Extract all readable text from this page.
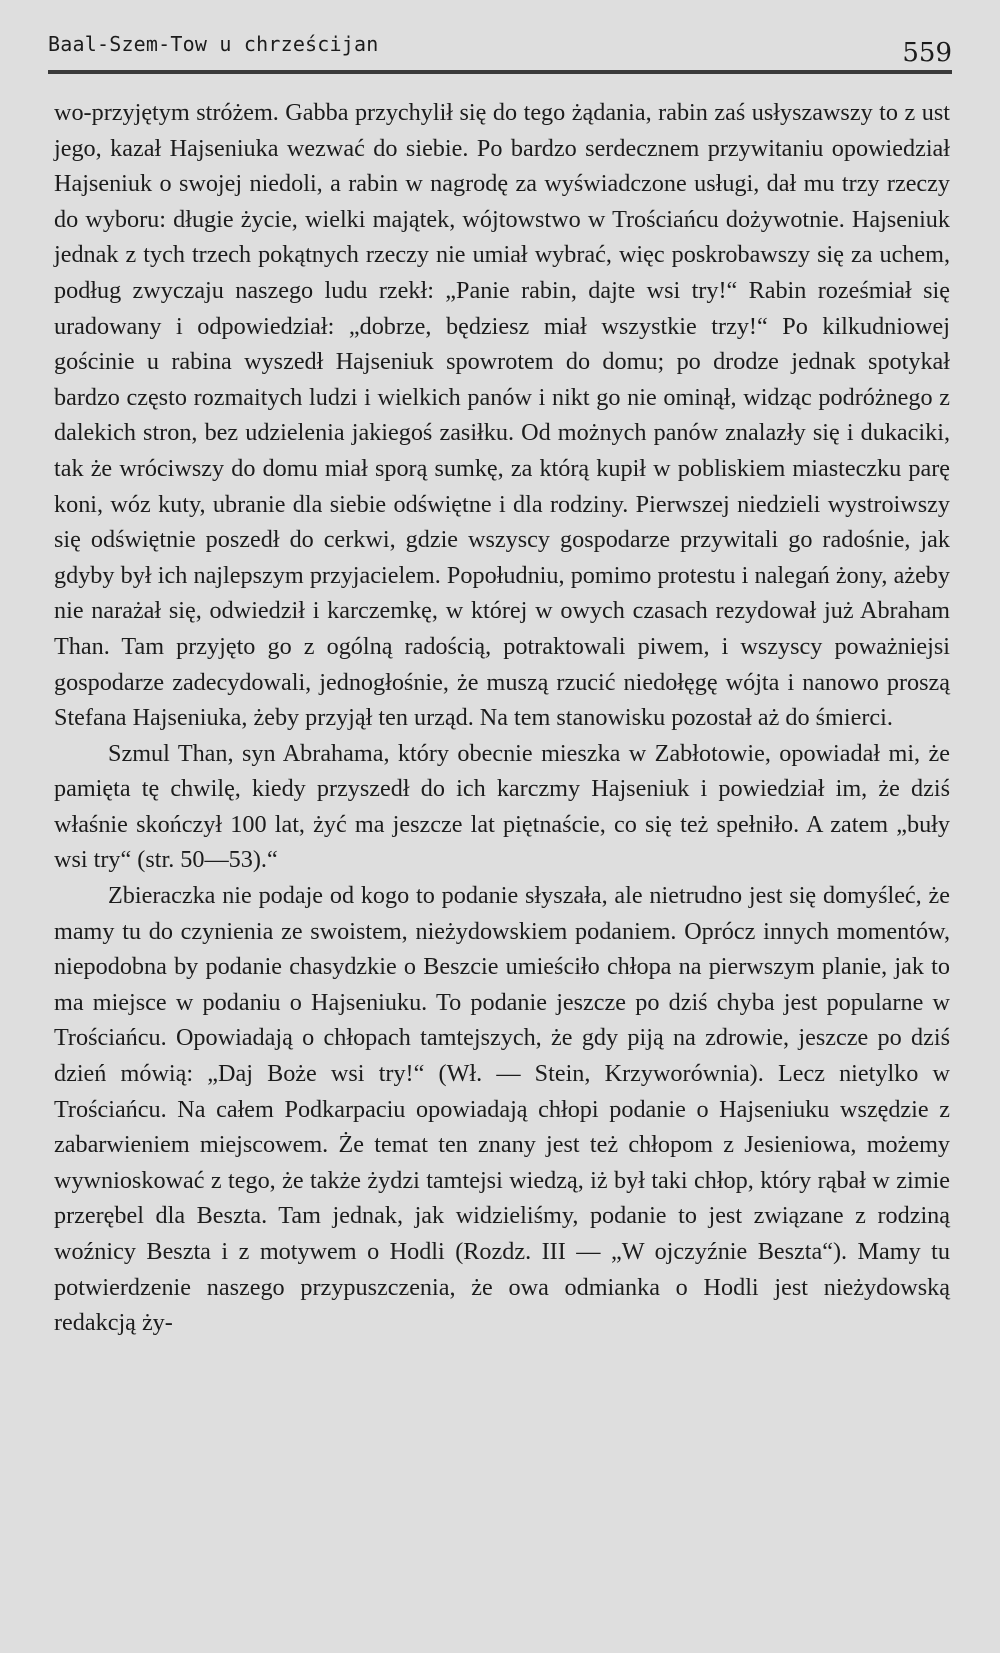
Baal-Szem-Tow u chrześcijan	559

wo-przyjętym stróżem. Gabba przychylił się do tego żądania, rabin zaś usłyszawszy to z ust jego, kazał Hajseniuka wezwać do siebie. Po bardzo serdecznem przywitaniu opowiedział Hajseniuk o swojej niedoli, a rabin w nagrodę za wyświadczone usługi, dał mu trzy rzeczy do wyboru: długie życie, wielki majątek, wójtowstwo w Trościańcu dożywotnie. Hajseniuk jednak z tych trzech pokątnych rzeczy nie umiał wybrać, więc poskrobawszy się za uchem, podług zwyczaju naszego ludu rzekł: „Panie rabin, dajte wsi try!“ Rabin roześmiał się uradowany i odpowiedział: „dobrze, będziesz miał wszystkie trzy!“ Po kilkudniowej gościnie u rabina wyszedł Hajseniuk spowrotem do domu; po drodze jednak spotykał bardzo często rozmaitych ludzi i wielkich panów i nikt go nie ominął, widząc podróżnego z dalekich stron, bez udzielenia jakiegoś zasiłku. Od możnych panów znalazły się i dukaciki, tak że wróciwszy do domu miał sporą sumkę, za którą kupił w pobliskiem miasteczku parę koni, wóz kuty, ubranie dla siebie odświętne i dla rodziny. Pierwszej niedzieli wystroiwszy się odświętnie poszedł do cerkwi, gdzie wszyscy gospodarze przywitali go radośnie, jak gdyby był ich najlepszym przyjacielem. Popołudniu, pomimo protestu i nalegań żony, ażeby nie narażał się, odwiedził i karczemkę, w której w owych czasach rezydował już Abraham Than. Tam przyjęto go z ogólną radością, potraktowali piwem, i wszyscy poważniejsi gospodarze zadecydowali, jednogłośnie, że muszą rzucić niedołęgę wójta i nanowo proszą Stefana Hajseniuka, żeby przyjął ten urząd. Na tem stanowisku pozostał aż do śmierci.

Szmul Than, syn Abrahama, który obecnie mieszka w Zabłotowie, opowiadał mi, że pamięta tę chwilę, kiedy przyszedł do ich karczmy Hajseniuk i powiedział im, że dziś właśnie skończył 100 lat, żyć ma jeszcze lat piętnaście, co się też spełniło. A zatem „buły wsi try“ (str. 50—53).“

Zbieraczka nie podaje od kogo to podanie słyszała, ale nietrudno jest się domyśleć, że mamy tu do czynienia ze swoistem, nieżydowskiem podaniem. Oprócz innych momentów, niepodobna by podanie chasydzkie o Beszcie umieściło chłopa na pierwszym planie, jak to ma miejsce w podaniu o Hajseniuku. To podanie jeszcze po dziś chyba jest popularne w Trościańcu. Opowiadają o chłopach tamtejszych, że gdy piją na zdrowie, jeszcze po dziś dzień mówią: „Daj Boże wsi try!“ (Wł. — Stein, Krzyworównia). Lecz nietylko w Trościańcu. Na całem Podkarpaciu opowiadają chłopi podanie o Hajseniuku wszędzie z zabarwieniem miejscowem. Że temat ten znany jest też chłopom z Jesieniowa, możemy wywnioskować z tego, że także żydzi tamtejsi wiedzą, iż był taki chłop, który rąbał w zimie przerębel dla Beszta. Tam jednak, jak widzieliśmy, podanie to jest związane z rodziną woźnicy Beszta i z motywem o Hodli (Rozdz. III — „W ojczyźnie Beszta“). Mamy tu potwierdzenie naszego przypuszczenia, że owa odmianka o Hodli jest nieżydowską redakcją ży-
